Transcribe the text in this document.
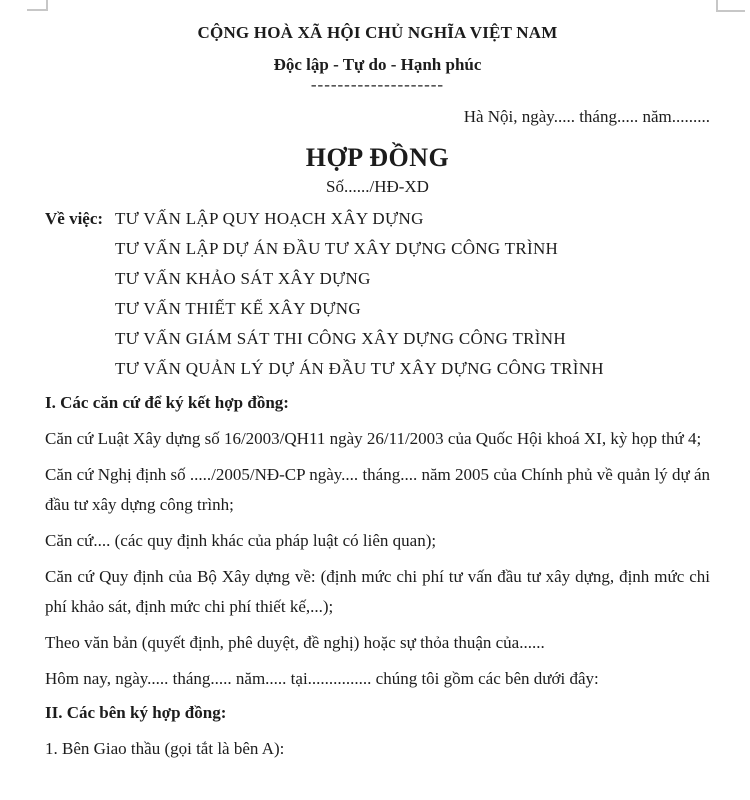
CỘNG HOÀ XÃ HỘI CHỦ NGHĨA VIỆT NAM
Độc lập - Tự do - Hạnh phúc
--------------------
Hà Nội, ngày..... tháng..... năm.........
HỢP ĐỒNG
Số....../HĐ-XD
Về việc: TƯ VẤN LẬP QUY HOẠCH XÂY DỰNG
TƯ VẤN LẬP DỰ ÁN ĐẦU TƯ XÂY DỰNG CÔNG TRÌNH
TƯ VẤN KHẢO SÁT XÂY DỰNG
TƯ VẤN THIẾT KẾ XÂY DỰNG
TƯ VẤN GIÁM SÁT THI CÔNG XÂY DỰNG CÔNG TRÌNH
TƯ VẤN QUẢN LÝ DỰ ÁN ĐẦU TƯ XÂY DỰNG CÔNG TRÌNH
I. Các căn cứ để ký kết hợp đồng:
Căn cứ Luật Xây dựng số 16/2003/QH11 ngày 26/11/2003 của Quốc Hội khoá XI, kỳ họp thứ 4;
Căn cứ Nghị định số ...../2005/NĐ-CP ngày.... tháng.... năm 2005 của Chính phủ về quản lý dự án đầu tư xây dựng công trình;
Căn cứ.... (các quy định khác của pháp luật có liên quan);
Căn cứ Quy định của Bộ Xây dựng về: (định mức chi phí tư vấn đầu tư xây dựng, định mức chi phí khảo sát, định mức chi phí thiết kế,...);
Theo văn bản (quyết định, phê duyệt, đề nghị) hoặc sự thỏa thuận của......
Hôm nay, ngày..... tháng..... năm..... tại............... chúng tôi gồm các bên dưới đây:
II. Các bên ký hợp đồng:
1. Bên Giao thầu (gọi tắt là bên A):
